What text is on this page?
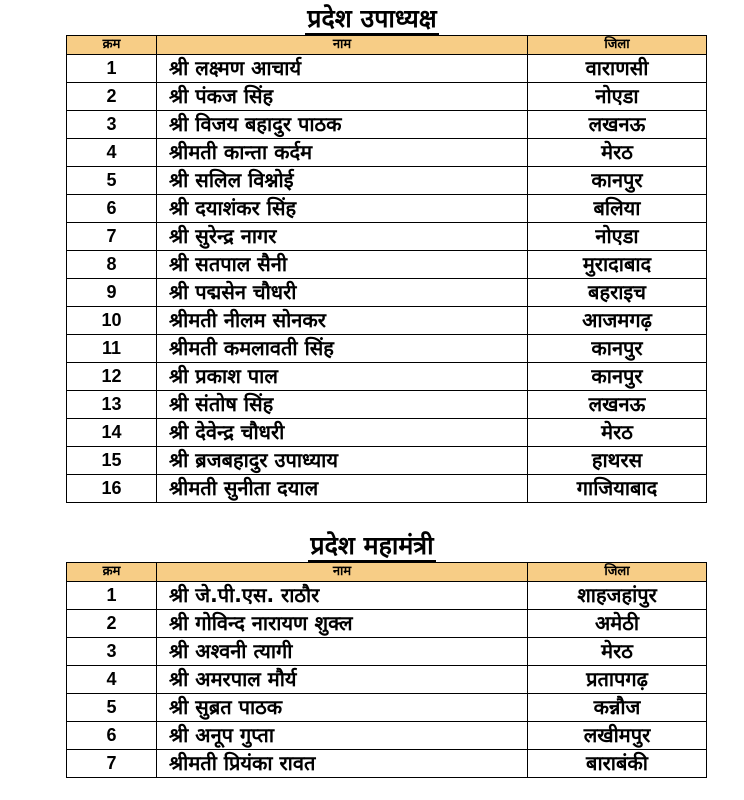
प्रदेश उपाध्यक्ष
क्रम	नाम	जिला
1	श्री लक्ष्मण आचार्य	वाराणसी
2	श्री पंकज सिंह	नोएडा
3	श्री विजय बहादुर पाठक	लखनऊ
4	श्रीमती कान्ता कर्दम	मेरठ
5	श्री सलिल विश्नोई	कानपुर
6	श्री दयाशंकर सिंह	बलिया
7	श्री सुरेन्द्र नागर	नोएडा
8	श्री सतपाल सैनी	मुरादाबाद
9	श्री पद्मसेन चौधरी	बहराइच
10	श्रीमती नीलम सोनकर	आजमगढ़
11	श्रीमती कमलावती सिंह	कानपुर
12	श्री प्रकाश पाल	कानपुर
13	श्री संतोष सिंह	लखनऊ
14	श्री देवेन्द्र चौधरी	मेरठ
15	श्री ब्रजबहादुर उपाध्याय	हाथरस
16	श्रीमती सुनीता दयाल	गाजियाबाद
प्रदेश महामंत्री
क्रम	नाम	जिला
1	श्री जे.पी.एस. राठौर	शाहजहांपुर
2	श्री गोविन्द नारायण शुक्ल	अमेठी
3	श्री अश्वनी त्यागी	मेरठ
4	श्री अमरपाल मौर्य	प्रतापगढ़
5	श्री सुब्रत पाठक	कन्नौज
6	श्री अनूप गुप्ता	लखीमपुर
7	श्रीमती प्रियंका रावत	बाराबंकी
